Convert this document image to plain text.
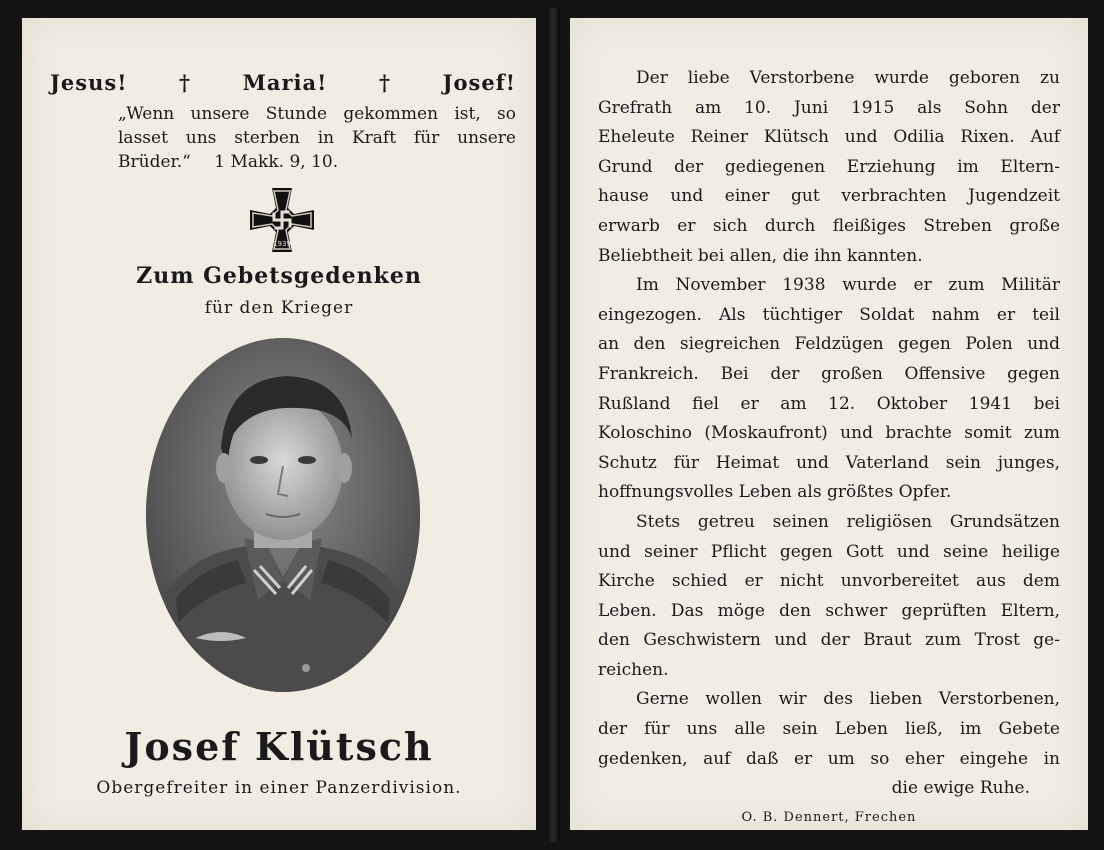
Jesus! † Maria! † Josef!
„Wenn unsere Stunde gekommen ist, so
lasset uns sterben in Kraft für unsere
Brüder.“ 1 Makk. 9, 10.
1939
Zum Gebetsgedenken
für den Krieger
Josef Klütsch
Obergefreiter in einer Panzerdivision.
Der liebe Verstorbene wurde geboren zu
Grefrath am 10. Juni 1915 als Sohn der
Eheleute Reiner Klütsch und Odilia Rixen. Auf
Grund der gediegenen Erziehung im Eltern-
hause und einer gut verbrachten Jugendzeit
erwarb er sich durch fleißiges Streben große
Beliebtheit bei allen, die ihn kannten.
Im November 1938 wurde er zum Militär
eingezogen. Als tüchtiger Soldat nahm er teil
an den siegreichen Feldzügen gegen Polen und
Frankreich. Bei der großen Offensive gegen
Rußland fiel er am 12. Oktober 1941 bei
Koloschino (Moskaufront) und brachte somit zum
Schutz für Heimat und Vaterland sein junges,
hoffnungsvolles Leben als größtes Opfer.
Stets getreu seinen religiösen Grundsätzen
und seiner Pflicht gegen Gott und seine heilige
Kirche schied er nicht unvorbereitet aus dem
Leben. Das möge den schwer geprüften Eltern,
den Geschwistern und der Braut zum Trost ge-
reichen.
Gerne wollen wir des lieben Verstorbenen,
der für uns alle sein Leben ließ, im Gebete
gedenken, auf daß er um so eher eingehe in
die ewige Ruhe.
O. B. Dennert, Frechen
